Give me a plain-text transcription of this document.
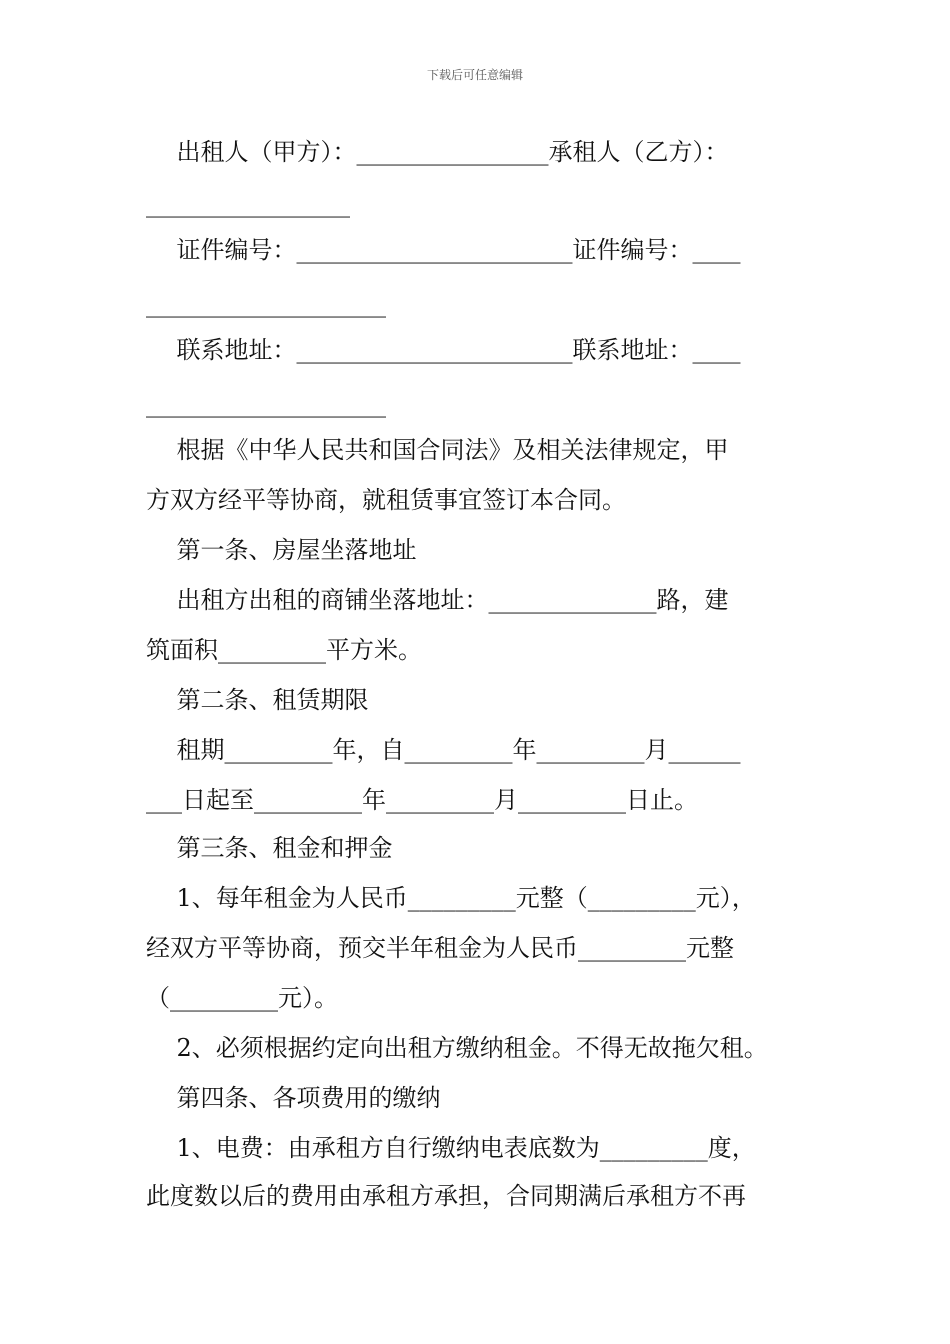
下载后可任意编辑
出租人（甲方）：________________承租人（乙方）：
_________________
证件编号：_______________________证件编号：____
____________________
联系地址：_______________________联系地址：____
____________________
根据《中华人民共和国合同法》及相关法律规定，甲
方双方经平等协商，就租赁事宜签订本合同。
第一条、房屋坐落地址
出租方出租的商铺坐落地址：______________路，建
筑面积_________平方米。
第二条、租赁期限
租期_________年，自_________年_________月______
___日起至_________年_________月_________日止。
第三条、租金和押金
1、每年租金为人民币_________元整（_________元），
经双方平等协商，预交半年租金为人民币_________元整
（_________元）。
2、必须根据约定向出租方缴纳租金。不得无故拖欠租。
第四条、各项费用的缴纳
1、电费：由承租方自行缴纳电表底数为_________度，
此度数以后的费用由承租方承担，合同期满后承租方不再
